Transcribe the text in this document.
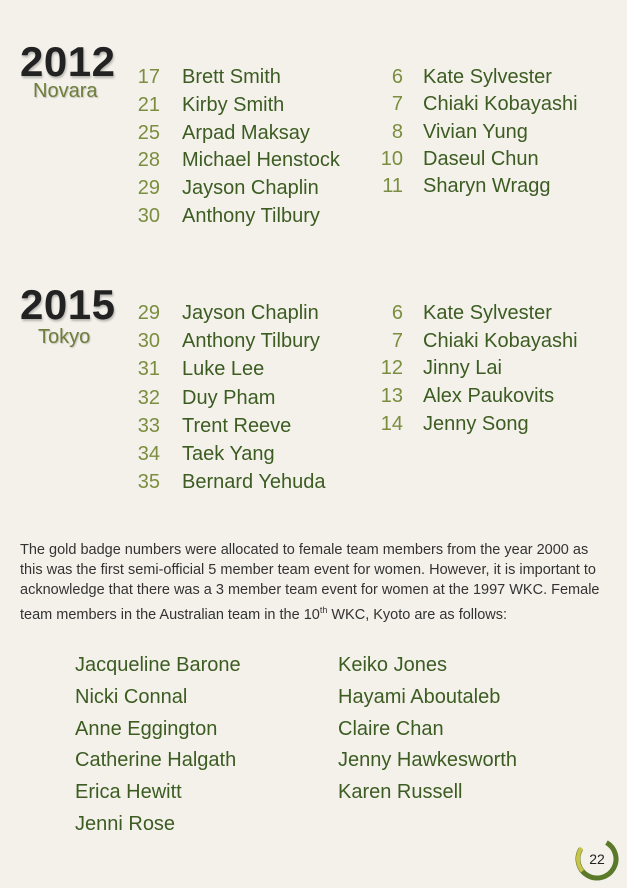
2012
Novara
17 Brett Smith
21 Kirby Smith
25 Arpad Maksay
28 Michael Henstock
29 Jayson Chaplin
30 Anthony Tilbury
6 Kate Sylvester
7 Chiaki Kobayashi
8 Vivian Yung
10 Daseul Chun
11 Sharyn Wragg
2015
Tokyo
29 Jayson Chaplin
30 Anthony Tilbury
31 Luke Lee
32 Duy Pham
33 Trent Reeve
34 Taek Yang
35 Bernard Yehuda
6 Kate Sylvester
7 Chiaki Kobayashi
12 Jinny Lai
13 Alex Paukovits
14 Jenny Song
The gold badge numbers were allocated to female team members from the year 2000 as this was the first semi-official 5 member team event for women. However, it is important to acknowledge that there was a 3 member team event for women at the 1997 WKC. Female team members in the Australian team in the 10th WKC, Kyoto are as follows:
Jacqueline Barone
Nicki Connal
Anne Eggington
Catherine Halgath
Erica Hewitt
Jenni Rose
Keiko Jones
Hayami Aboutaleb
Claire Chan
Jenny Hawkesworth
Karen Russell
22
